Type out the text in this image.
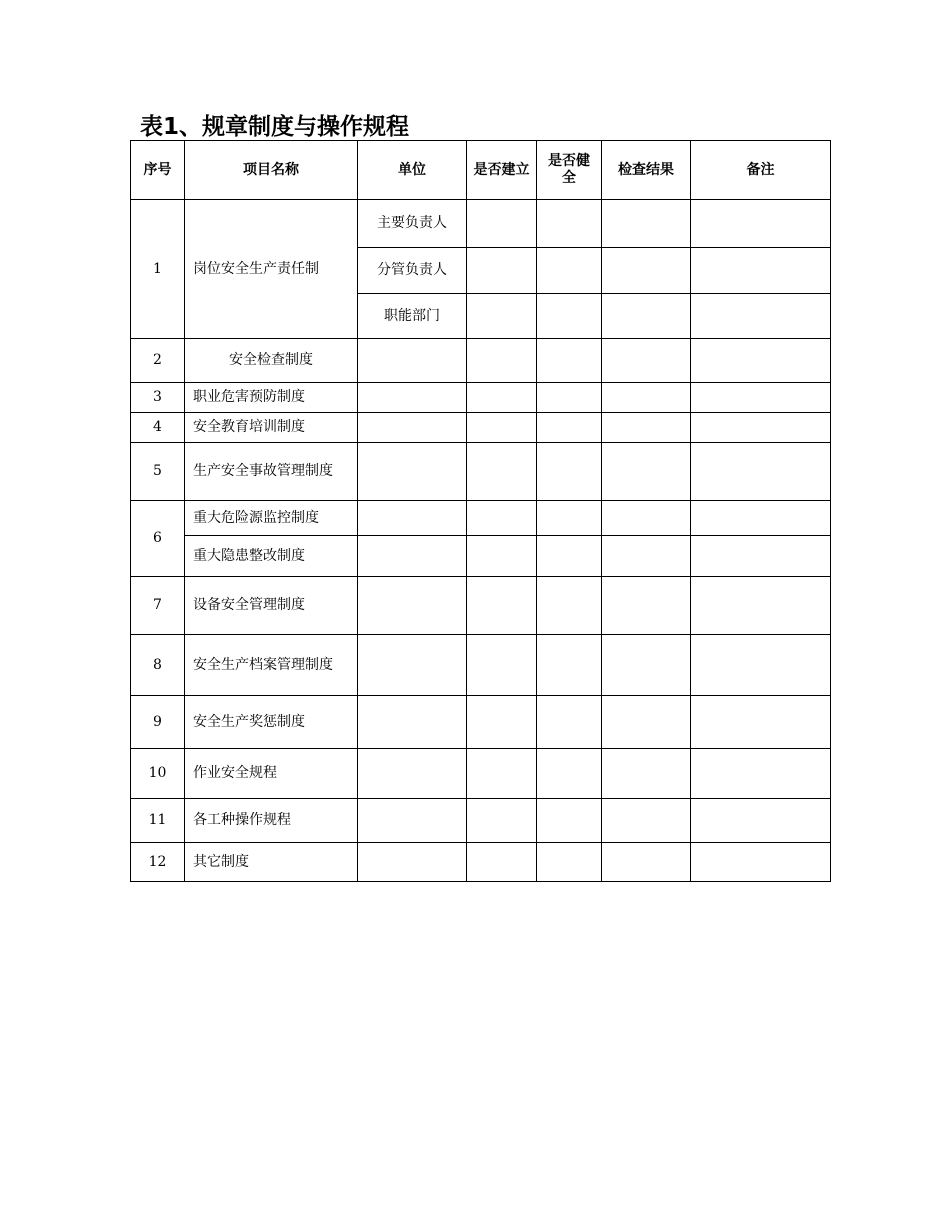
表1、规章制度与操作规程
序号	项目名称	单位	是否建立	是否健全	检查结果	备注
1	岗位安全生产责任制	主要负责人				
		分管负责人				
		职能部门				
2	安全检查制度					
3	职业危害预防制度					
4	安全教育培训制度					
5	生产安全事故管理制度					
6	重大危险源监控制度					
	重大隐患整改制度					
7	设备安全管理制度					
8	安全生产档案管理制度					
9	安全生产奖惩制度					
10	作业安全规程					
11	各工种操作规程					
12	其它制度					
